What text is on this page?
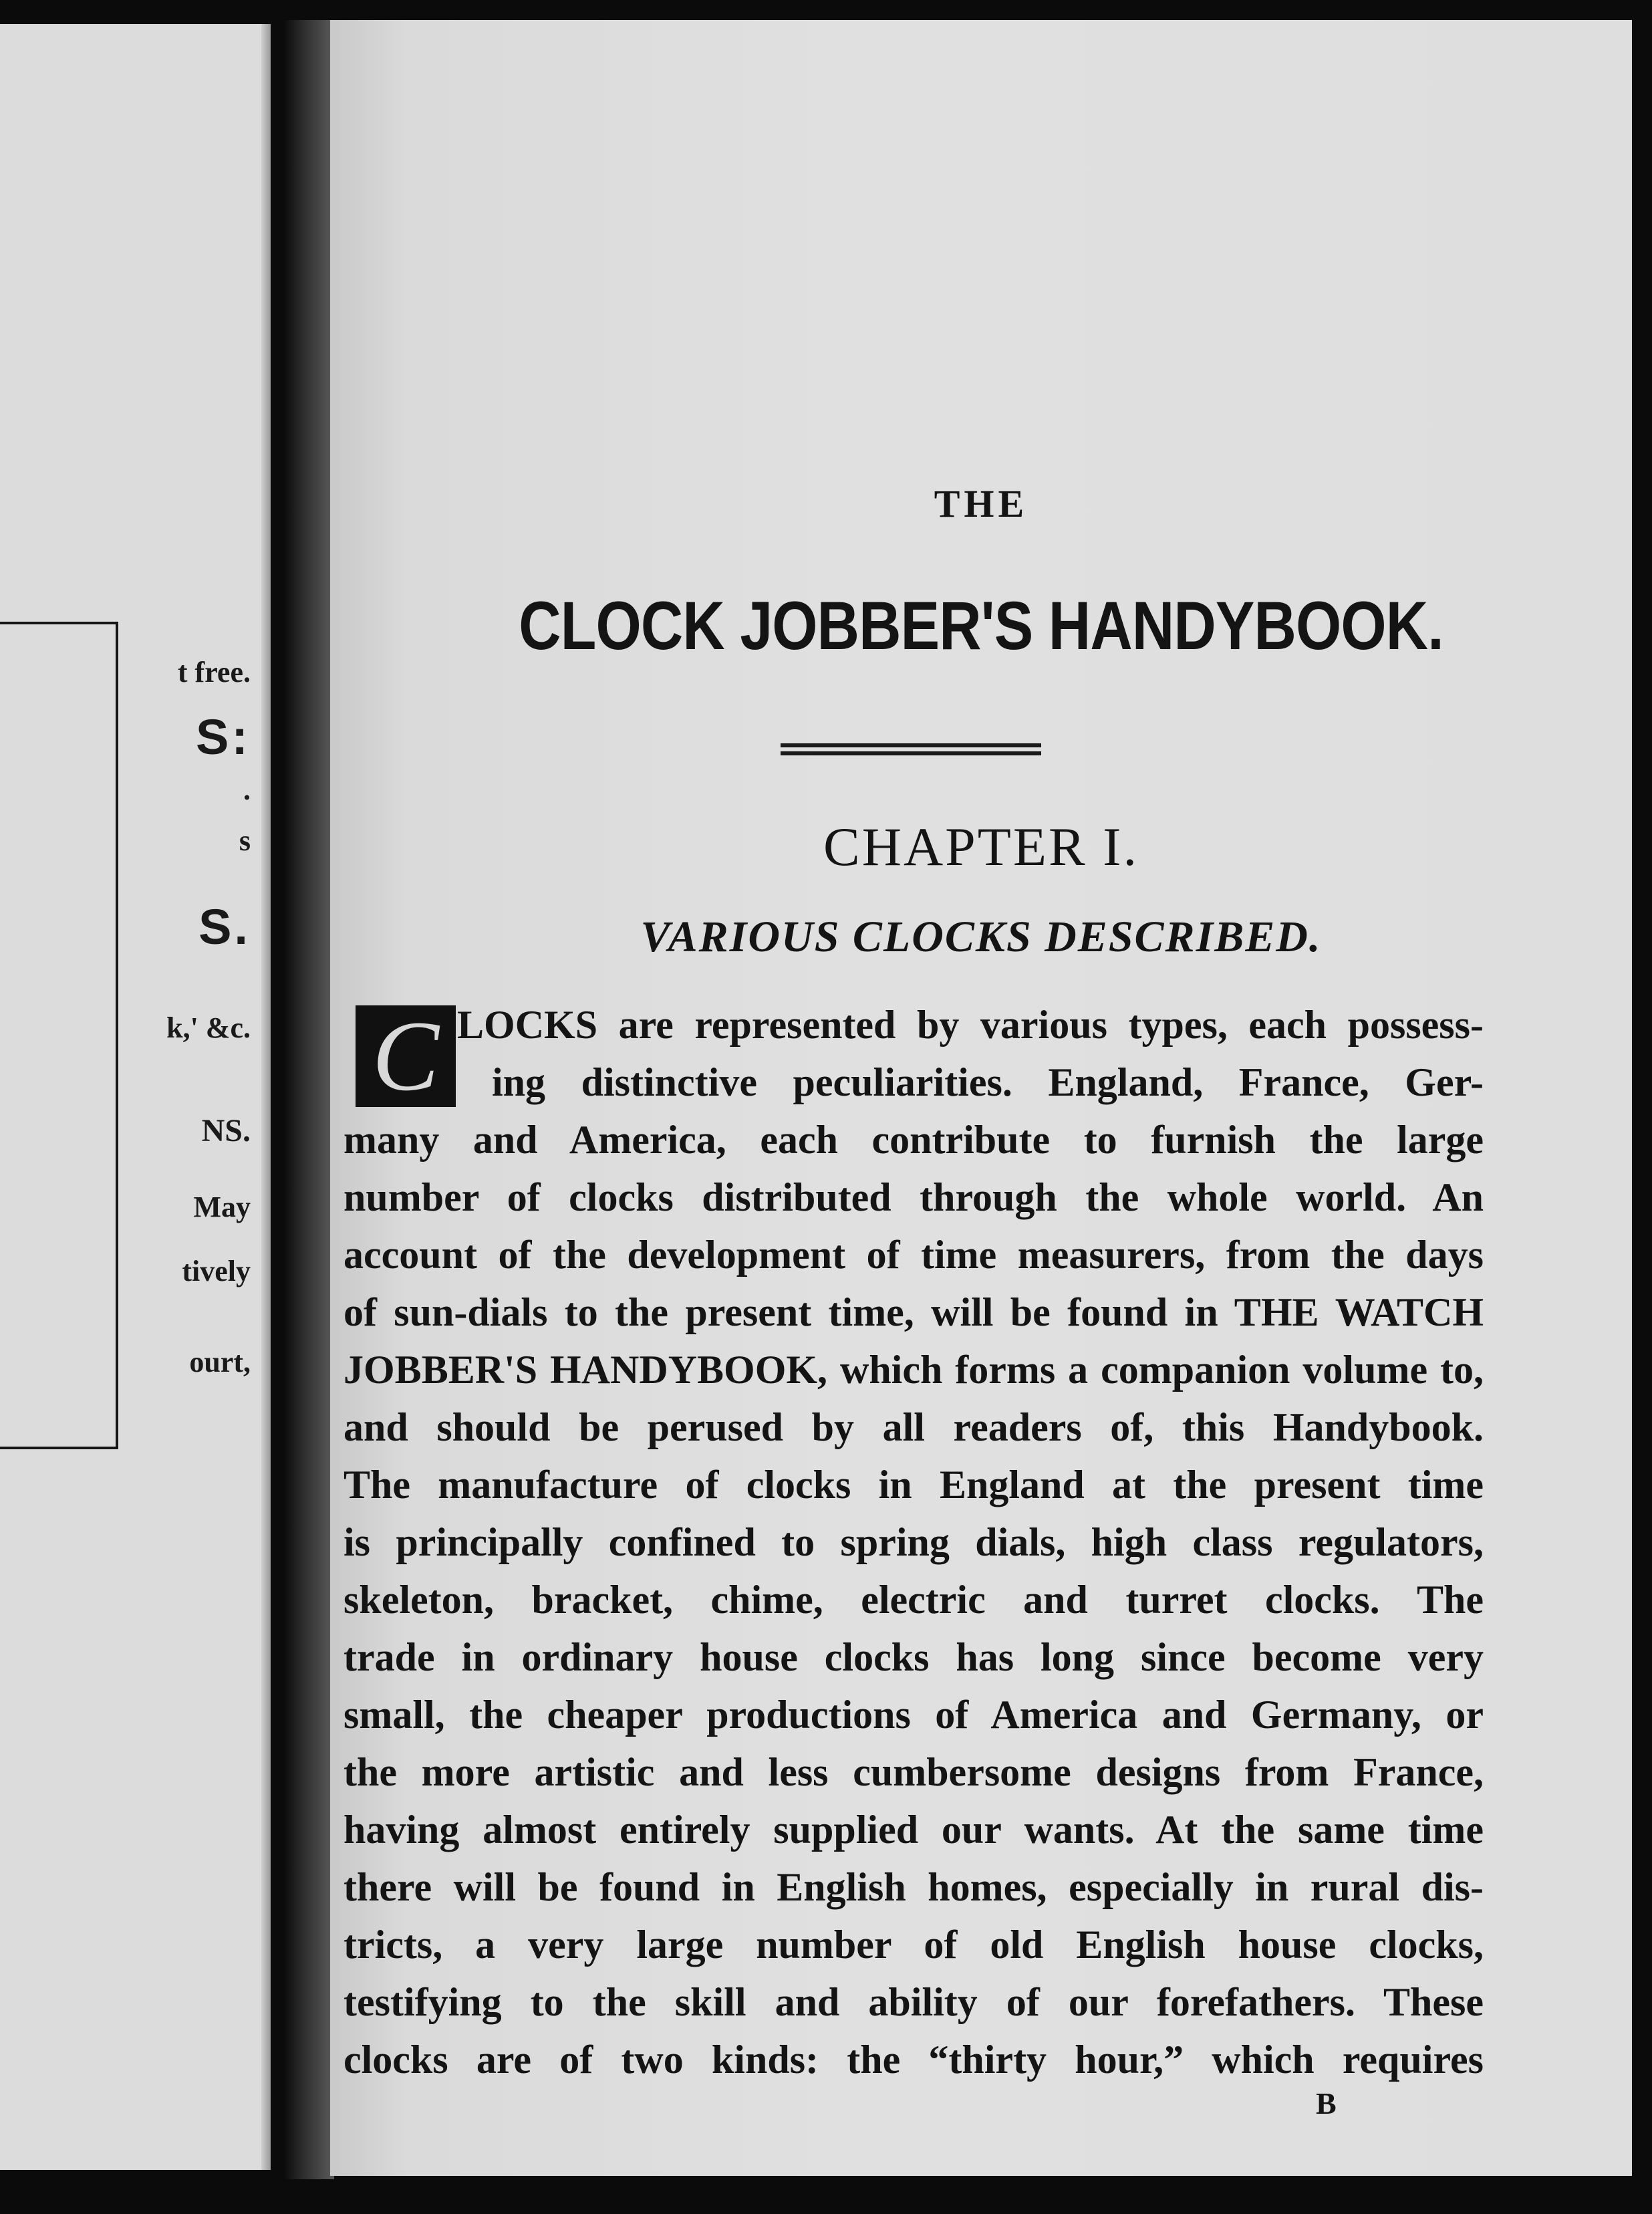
t free.

S:

.

s

S.

k,' &c.

NS.

May

tively

ourt,

THE

CLOCK JOBBER'S HANDYBOOK.
CHAPTER I.
VARIOUS CLOCKS DESCRIBED.
C LOCKS are represented by various types, each possess-

ing distinctive peculiarities. England, France, Ger-

many and America, each contribute to furnish the large

number of clocks distributed through the whole world. An

account of the development of time measurers, from the days

of sun-dials to the present time, will be found in THE WATCH

JOBBER'S HANDYBOOK, which forms a companion volume to,

and should be perused by all readers of, this Handybook.

The manufacture of clocks in England at the present time

is principally confined to spring dials, high class regulators,

skeleton, bracket, chime, electric and turret clocks. The

trade in ordinary house clocks has long since become very

small, the cheaper productions of America and Germany, or

the more artistic and less cumbersome designs from France,

having almost entirely supplied our wants. At the same time

there will be found in English homes, especially in rural dis-

tricts, a very large number of old English house clocks,

testifying to the skill and ability of our forefathers. These

clocks are of two kinds: the “thirty hour,” which requires

B
